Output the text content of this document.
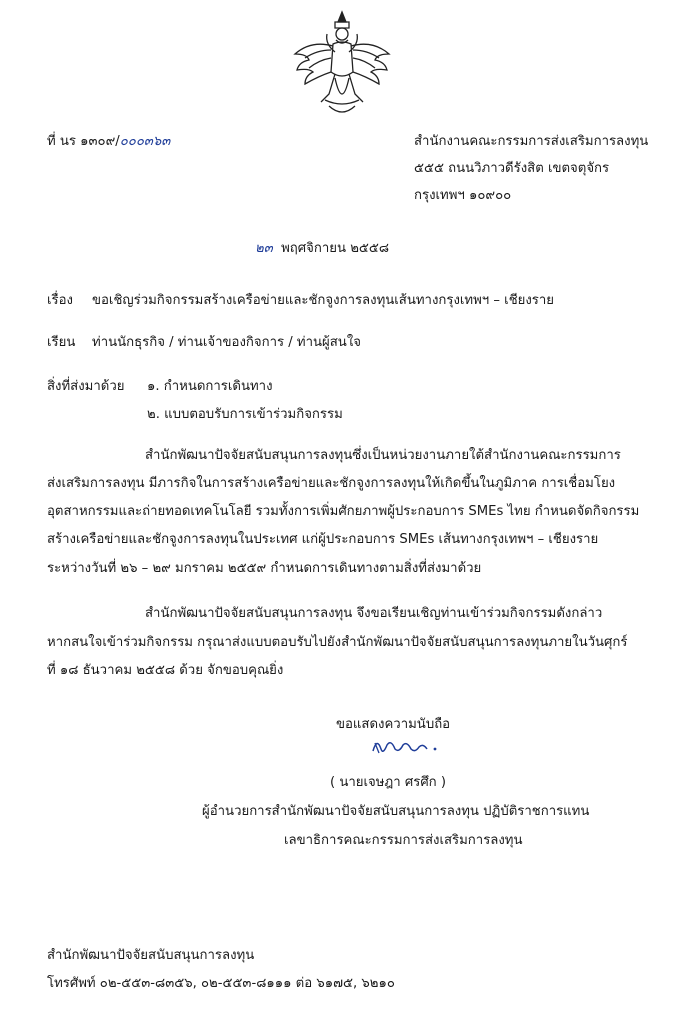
ที่ นร ๑๓๐๙/๐๐๐๓๖๓	สำนักงานคณะกรรมการส่งเสริมการลงทุน
๕๕๕ ถนนวิภาวดีรังสิต เขตจตุจักร
กรุงเทพฯ ๑๐๙๐๐
๒๓ พฤศจิกายน ๒๕๕๘
เรื่อง ขอเชิญร่วมกิจกรรมสร้างเครือข่ายและชักจูงการลงทุนเส้นทางกรุงเทพฯ – เชียงราย
เรียน ท่านนักธุรกิจ / ท่านเจ้าของกิจการ / ท่านผู้สนใจ
สิ่งที่ส่งมาด้วย ๑. กำหนดการเดินทาง
๒. แบบตอบรับการเข้าร่วมกิจกรรม
สำนักพัฒนาปัจจัยสนับสนุนการลงทุนซึ่งเป็นหน่วยงานภายใต้สำนักงานคณะกรรมการ
ส่งเสริมการลงทุน มีภารกิจในการสร้างเครือข่ายและชักจูงการลงทุนให้เกิดขึ้นในภูมิภาค การเชื่อมโยง
อุตสาหกรรมและถ่ายทอดเทคโนโลยี รวมทั้งการเพิ่มศักยภาพผู้ประกอบการ SMEs ไทย กำหนดจัดกิจกรรม
สร้างเครือข่ายและชักจูงการลงทุนในประเทศ แก่ผู้ประกอบการ SMEs เส้นทางกรุงเทพฯ – เชียงราย
ระหว่างวันที่ ๒๖ – ๒๙ มกราคม ๒๕๕๙ กำหนดการเดินทางตามสิ่งที่ส่งมาด้วย
สำนักพัฒนาปัจจัยสนับสนุนการลงทุน จึงขอเรียนเชิญท่านเข้าร่วมกิจกรรมดังกล่าว
หากสนใจเข้าร่วมกิจกรรม กรุณาส่งแบบตอบรับไปยังสำนักพัฒนาปัจจัยสนับสนุนการลงทุนภายในวันศุกร์
ที่ ๑๘ ธันวาคม ๒๕๕๘ ด้วย จักขอบคุณยิ่ง
ขอแสดงความนับถือ
( นายเจษฎา ศรศึก )
ผู้อำนวยการสำนักพัฒนาปัจจัยสนับสนุนการลงทุน ปฏิบัติราชการแทน
เลขาธิการคณะกรรมการส่งเสริมการลงทุน
สำนักพัฒนาปัจจัยสนับสนุนการลงทุน
โทรศัพท์ ๐๒-๕๕๓-๘๓๕๖, ๐๒-๕๕๓-๘๑๑๑ ต่อ ๖๑๗๕, ๖๒๑๐
